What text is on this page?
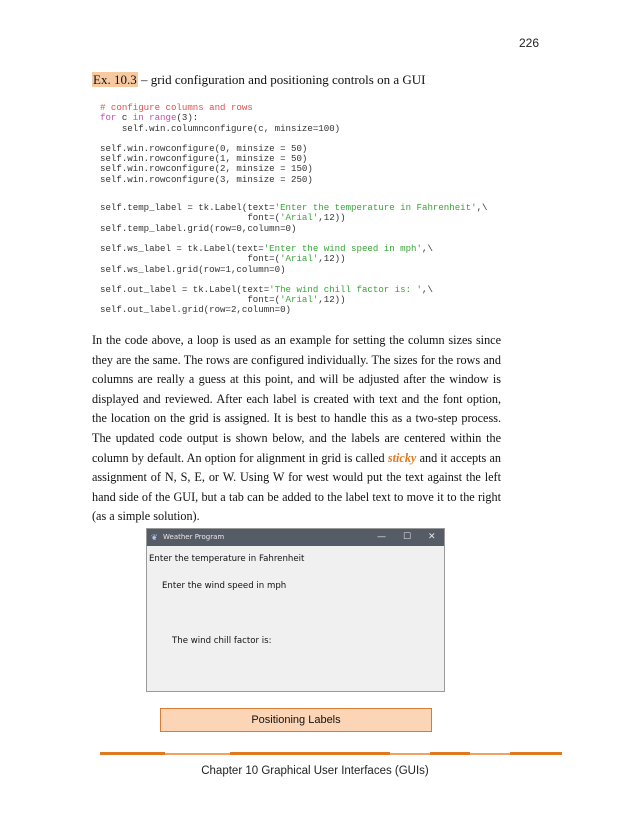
226
Ex. 10.3 – grid configuration and positioning controls on a GUI
# configure columns and rows
for c in range(3):
self.win.columnconfigure(c, minsize=100)

self.win.rowconfigure(0, minsize = 50)
self.win.rowconfigure(1, minsize = 50)
self.win.rowconfigure(2, minsize = 150)
self.win.rowconfigure(3, minsize = 250)

self.temp_label = tk.Label(text='Enter the temperature in Fahrenheit',\
font=('Arial',12))
self.temp_label.grid(row=0,column=0)

self.ws_label = tk.Label(text='Enter the wind speed in mph',\
font=('Arial',12))
self.ws_label.grid(row=1,column=0)

self.out_label = tk.Label(text='The wind chill factor is: ',\
font=('Arial',12))
self.out_label.grid(row=2,column=0)

In the code above, a loop is used as an example for setting the column sizes since they are the same. The rows are configured individually. The sizes for the rows and columns are really a guess at this point, and will be adjusted after the window is displayed and reviewed. After each label is created with text and the font option, the location on the grid is assigned. It is best to handle this as a two-step process. The updated code output is shown below, and the labels are centered within the column by default. An option for alignment in grid is called sticky and it accepts an assignment of N, S, E, or W. Using W for west would put the text against the left hand side of the GUI, but a tab can be added to the label text to move it to the right (as a simple solution).

❦ Weather Program	— ☐ ✕
Enter the temperature in Fahrenheit
Enter the wind speed in mph
The wind chill factor is:
Positioning Labels
Chapter 10 Graphical User Interfaces (GUIs)
